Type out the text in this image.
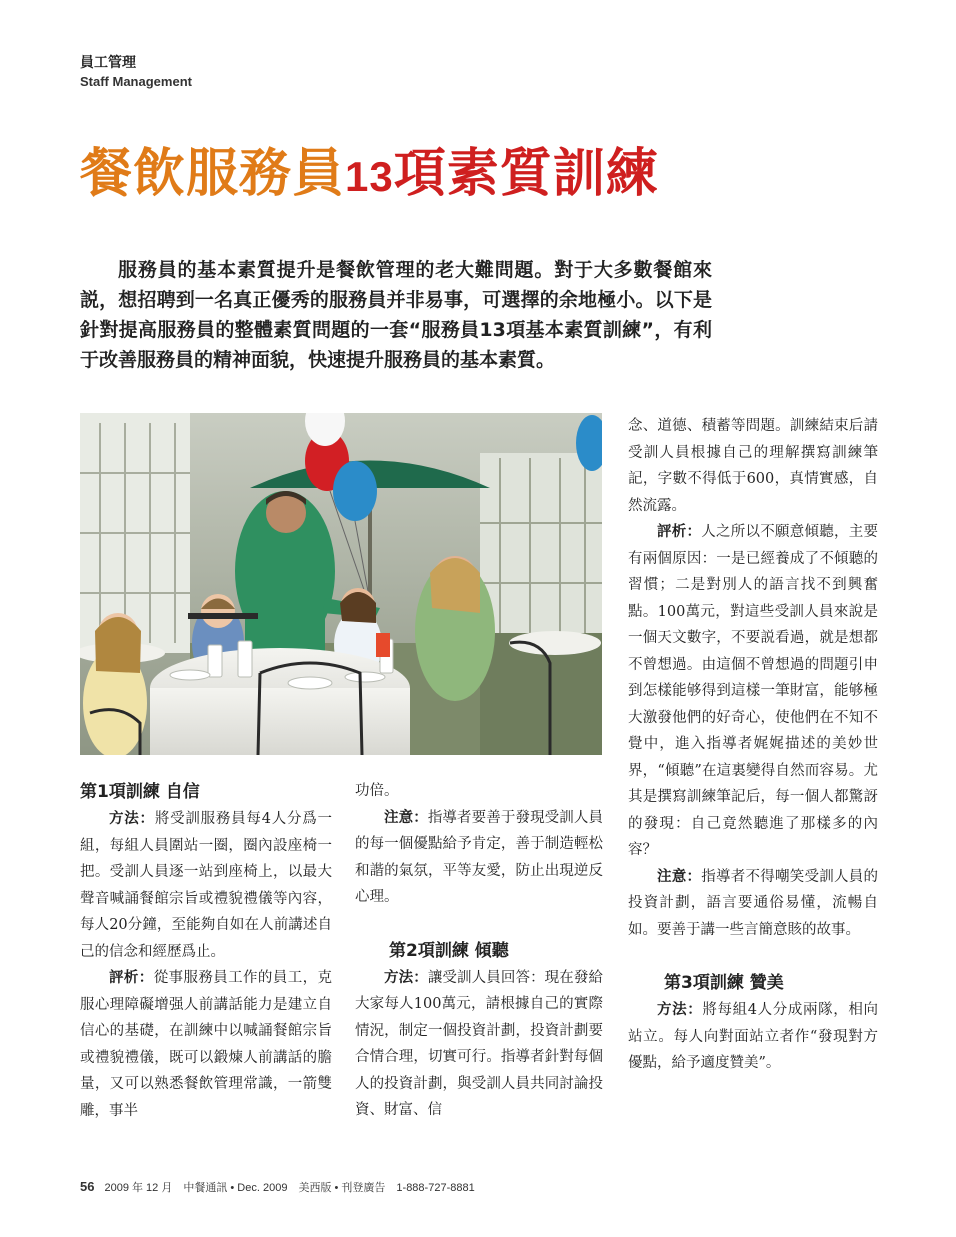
員工管理
Staff Management
餐飲服務員13項素質訓練

服務員的基本素質提升是餐飲管理的老大難問題。對于大多數餐館來説，想招聘到一名真正優秀的服務員并非易事，可選擇的余地極小。以下是針對提高服務員的整體素質問題的一套“服務員13項基本素質訓練”，有利于改善服務員的精神面貌，快速提升服務員的基本素質。

第1項訓練 自信

方法：將受訓服務員每4人分爲一組，每組人員圍站一圈，圈內設座椅一把。受訓人員逐一站到座椅上，以最大聲音喊誦餐館宗旨或禮貌禮儀等內容，每人20分鐘，至能夠自如在人前講述自己的信念和經歷爲止。

評析：從事服務員工作的員工，克服心理障礙增强人前講話能力是建立自信心的基礎，在訓練中以喊誦餐館宗旨或禮貌禮儀，既可以鍛煉人前講話的膽量，又可以熟悉餐飲管理常識，一箭雙雕，事半

功倍。

注意：指導者要善于發現受訓人員的每一個優點給予肯定，善于制造輕松和諧的氣氛，平等友愛，防止出現逆反心理。

第2項訓練 傾聽

方法：讓受訓人員回答：現在發給大家每人100萬元，請根據自己的實際情況，制定一個投資計劃，投資計劃要合情合理，切實可行。指導者針對每個人的投資計劃，與受訓人員共同討論投資、財富、信

念、道德、積蓄等問題。訓練結束后請受訓人員根據自己的理解撰寫訓練筆記，字數不得低于600，真情實感，自然流露。

評析：人之所以不願意傾聽，主要有兩個原因：一是已經養成了不傾聽的習慣；二是對別人的語言找不到興奮點。100萬元，對這些受訓人員來說是一個天文數字，不要説看過，就是想都不曾想過。由這個不曾想過的問題引申到怎樣能够得到這樣一筆財富，能够極大激發他們的好奇心，使他們在不知不覺中，進入指導者娓娓描述的美妙世界，“傾聽”在這裏變得自然而容易。尤其是撰寫訓練筆記后，每一個人都驚訝的發現：自己竟然聽進了那樣多的內容？

注意：指導者不得嘲笑受訓人員的投資計劃，語言要通俗易懂，流暢自如。要善于講一些言簡意賅的故事。

第3項訓練 贊美

方法：將每組4人分成兩隊，相向站立。每人向對面站立者作“發現對方優點，給予適度贊美”。

56 2009 年 12 月　中餐通訊 • Dec. 2009　美西版 • 刊登廣告　1-888-727-8881
